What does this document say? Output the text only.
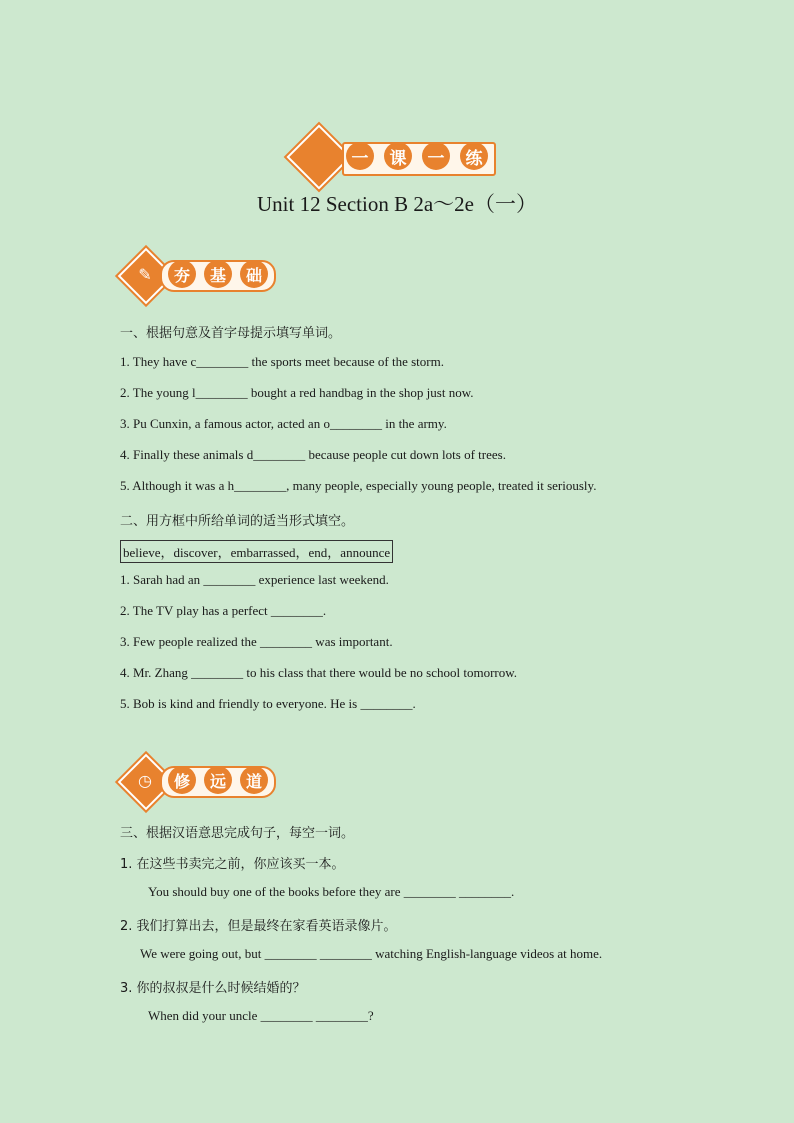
一	课	一	练
Unit 12 Section B 2a～2e（一）
✎	夯	基	础
一、根据句意及首字母提示填写单词。
1. They have c________ the sports meet because of the storm.
2. The young l________ bought a red handbag in the shop just now.
3. Pu Cunxin, a famous actor, acted an o________ in the army.
4. Finally these animals d________ because people cut down lots of trees.
5. Although it was a h________, many people, especially young people, treated it seriously.
二、用方框中所给单词的适当形式填空。
believe，discover，embarrassed，end，announce
1. Sarah had an ________ experience last weekend.
2. The TV play has a perfect ________.
3. Few people realized the ________ was important.
4. Mr. Zhang ________ to his class that there would be no school tomorrow.
5. Bob is kind and friendly to everyone. He is ________.
◷	修	远	道
三、根据汉语意思完成句子，每空一词。
1. 在这些书卖完之前，你应该买一本。
You should buy one of the books before they are ________ ________.
2. 我们打算出去，但是最终在家看英语录像片。
We were going out, but ________ ________ watching English-language videos at home.
3. 你的叔叔是什么时候结婚的？
When did your uncle ________ ________?
